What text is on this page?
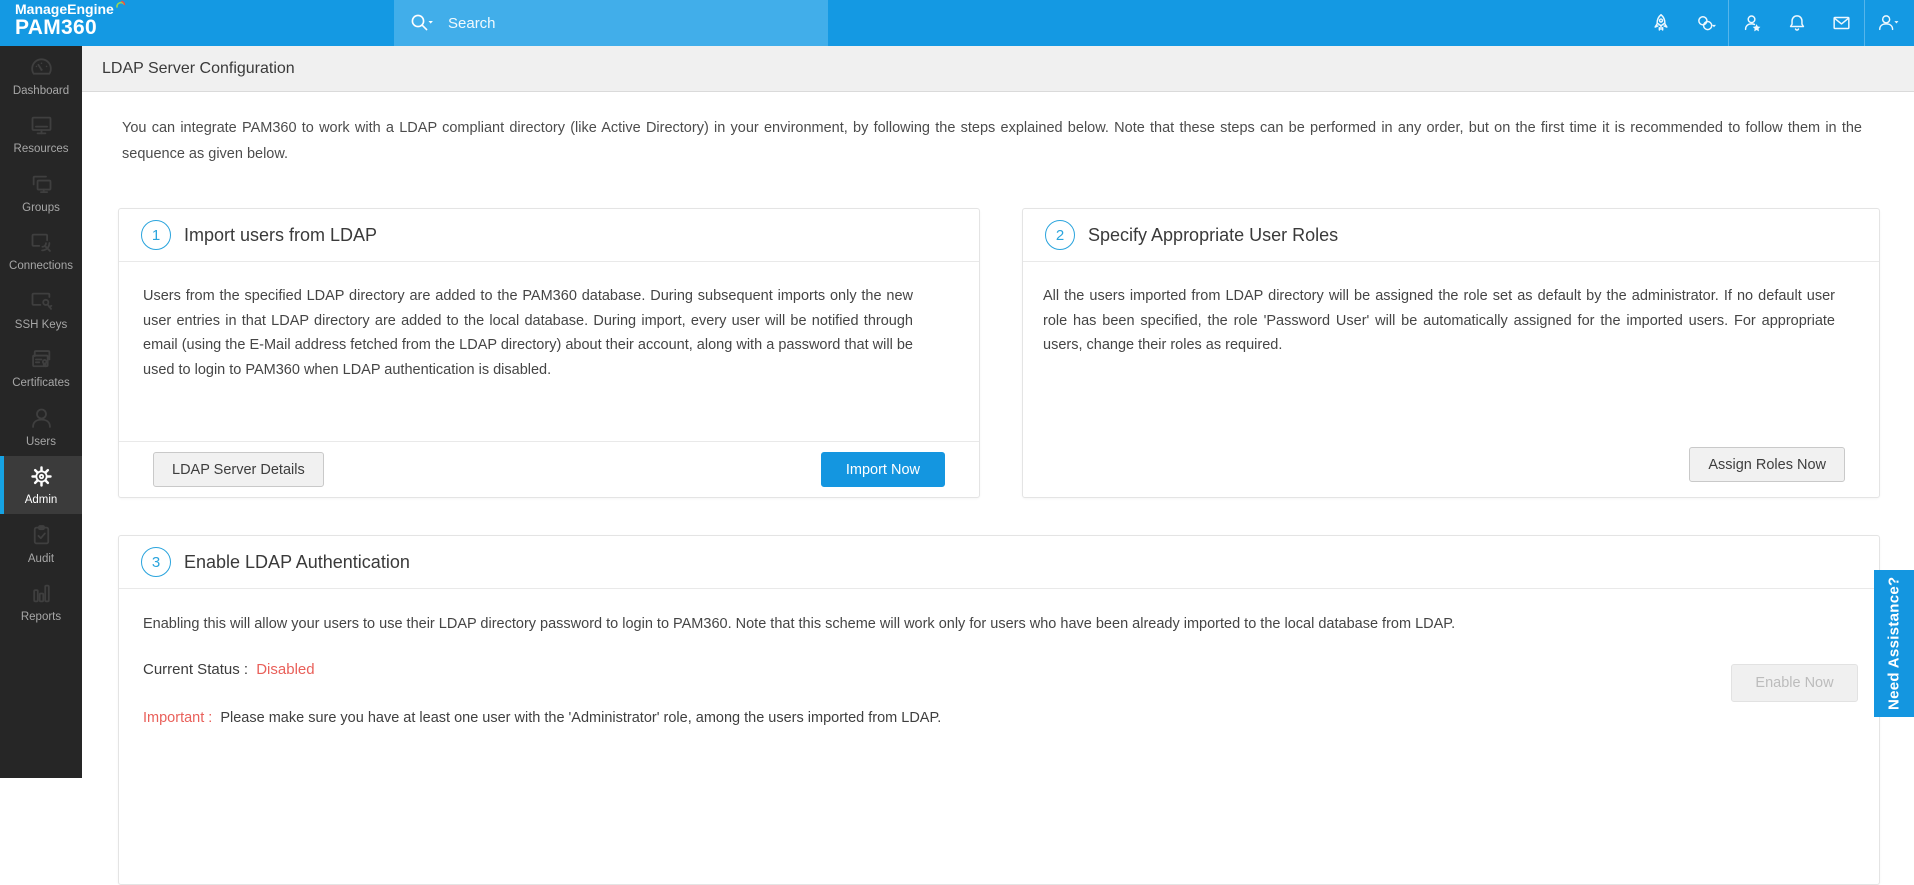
ManageEngine
PAM360
Search
Dashboard
Resources
Groups
Connections
SSH Keys
Certificates
Users
Admin
Audit
Reports
LDAP Server Configuration

You can integrate PAM360 to work with a LDAP compliant directory (like Active Directory) in your environment, by following the steps explained below. Note that these steps can be performed in any order, but on the first time it is recommended to follow them in the sequence as given below.

1	Import users from LDAP
Users from the specified LDAP directory are added to the PAM360 database. During subsequent imports only the new user entries in that LDAP directory are added to the local database. During import, every user will be notified through email (using the E-Mail address fetched from the LDAP directory) about their account, along with a password that will be used to login to PAM360 when LDAP authentication is disabled.
LDAP Server Details	Import Now
2	Specify Appropriate User Roles
All the users imported from LDAP directory will be assigned the role set as default by the administrator. If no default user role has been specified, the role 'Password User' will be automatically assigned for the imported users. For appropriate users, change their roles as required.
Assign Roles Now
3	Enable LDAP Authentication
Enabling this will allow your users to use their LDAP directory password to login to PAM360. Note that this scheme will work only for users who have been already imported to the local database from LDAP.
Current Status : Disabled
Enable Now
Important : Please make sure you have at least one user with the 'Administrator' role, among the users imported from LDAP.
Need Assistance?
